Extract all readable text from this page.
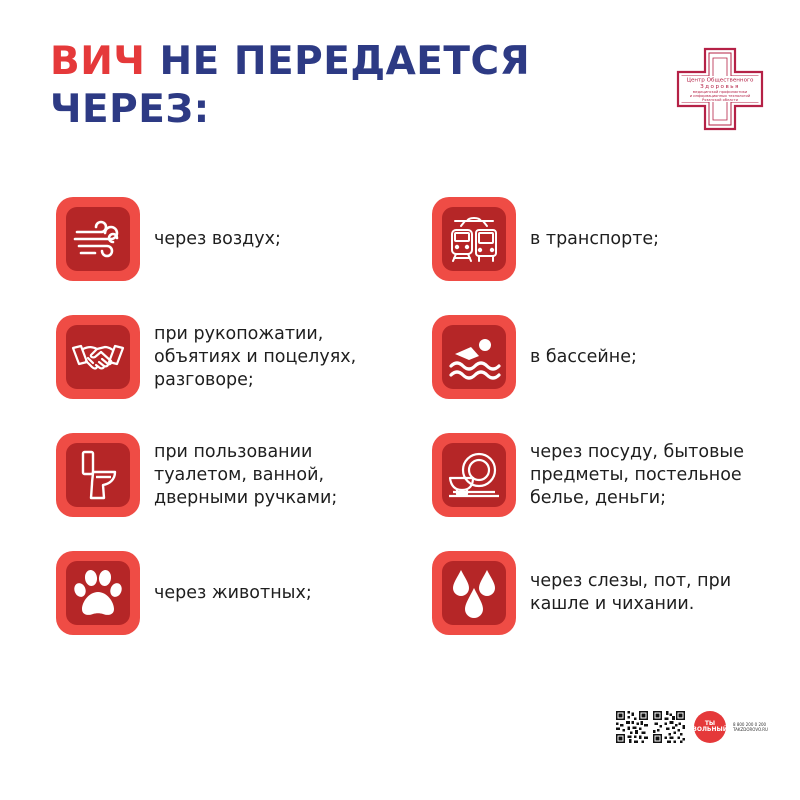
ВИЧ НЕ ПЕРЕДАЕТСЯ
ЧЕРЕЗ:
Центр Общественного
Здоровья
медицинской профилактики
и информационных технологий
Рязанской области
через воздух;
при рукопожатии,
объятиях и поцелуях,
разговоре;
при пользовании
туалетом, ванной,
дверными ручками;
через животных;
в транспорте;
в бассейне;
через посуду, бытовые
предметы, постельное
белье, деньги;
через слезы, пот, при
кашле и чихании.
ТЫ ВОЛЬНЫЙ
8 800 200 0 200
TAKZDOROVO.RU
